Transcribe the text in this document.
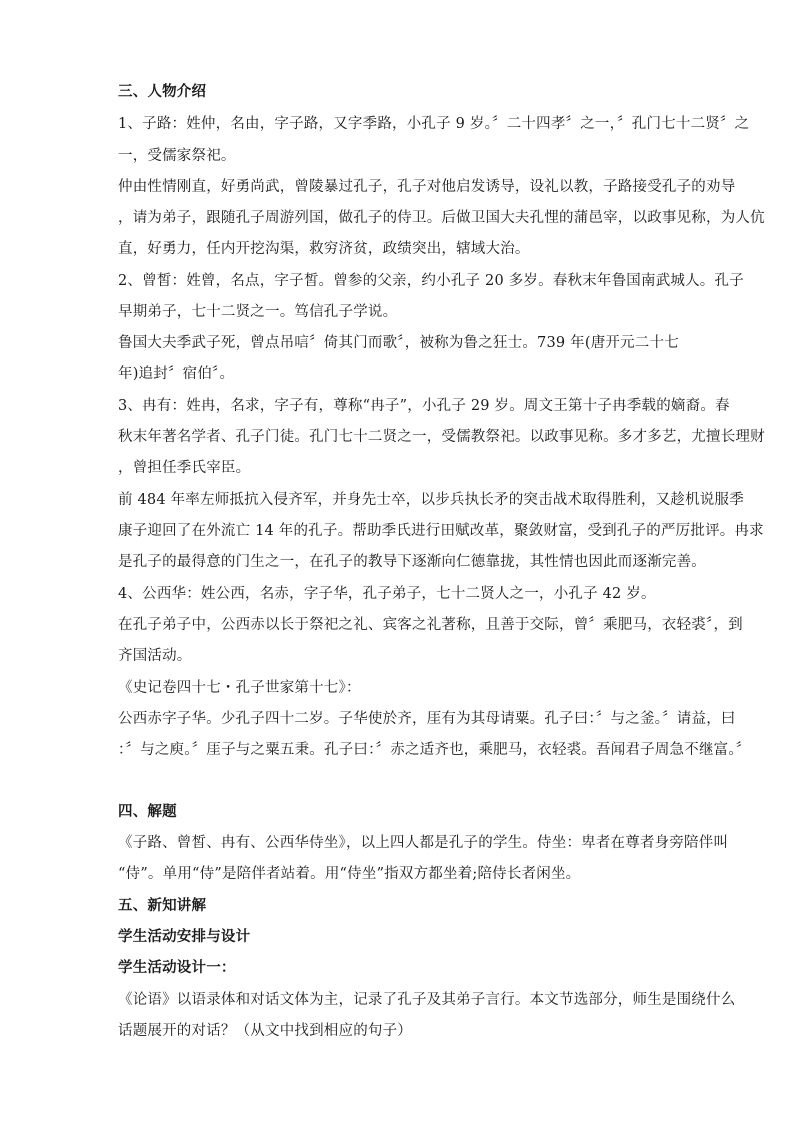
三、人物介绍
1、子路：姓仲，名由，字子路，又字季路，小孔子 9 岁。〞二十四孝〞之一，〞孔门七十二贤〞之
一，受儒家祭祀。
仲由性情刚直，好勇尚武，曾陵暴过孔子，孔子对他启发诱导，设礼以教，子路接受孔子的劝导
，请为弟子，跟随孔子周游列国，做孔子的侍卫。后做卫国大夫孔悝的蒲邑宰，以政事见称，为人伉
直，好勇力，任内开挖沟渠，救穷济贫，政绩突出，辖域大治。
2、曾皙：姓曾，名点，字子皙。曾参的父亲，约小孔子 20 多岁。春秋末年鲁国南武城人。孔子
早期弟子，七十二贤之一。笃信孔子学说。
鲁国大夫季武子死，曾点吊唁〞倚其门而歌〞，被称为鲁之狂士。739 年(唐开元二十七
年)追封〞宿伯〞。
3、冉有：姓冉，名求，字子有，尊称“冉子”，小孔子 29 岁。周文王第十子冉季载的嫡裔。春
秋末年著名学者、孔子门徒。孔门七十二贤之一，受儒教祭祀。以政事见称。多才多艺，尤擅长理财
，曾担任季氏宰臣。
前 484 年率左师抵抗入侵齐军，并身先士卒，以步兵执长矛的突击战术取得胜利，又趁机说服季
康子迎回了在外流亡 14 年的孔子。帮助季氏进行田赋改革，聚敛财富，受到孔子的严厉批评。冉求
是孔子的最得意的门生之一，在孔子的教导下逐渐向仁德靠拢，其性情也因此而逐渐完善。
4、公西华：姓公西，名赤，字子华，孔子弟子，七十二贤人之一，小孔子 42 岁。
在孔子弟子中，公西赤以长于祭祀之礼、宾客之礼著称，且善于交际，曾〞乘肥马，衣轻裘〞，到
齐国活动。
《史记卷四十七・孔子世家第十七》：
公西赤字子华。少孔子四十二岁。子华使於齐，厓有为其母请粟。孔子曰：〞与之釜。〞请益，曰
：〞与之庾。〞厓子与之粟五秉。孔子曰：〞赤之适齐也，乘肥马，衣轻裘。吾闻君子周急不继富。〞
四、解题
《子路、曾皙、冉有、公西华侍坐》，以上四人都是孔子的学生。侍坐：卑者在尊者身旁陪伴叫
“侍”。单用“侍”是陪伴者站着。用“侍坐”指双方都坐着;陪侍长者闲坐。
五、新知讲解
学生活动安排与设计
学生活动设计一：
《论语》以语录体和对话文体为主，记录了孔子及其弟子言行。本文节选部分，师生是围绕什么
话题展开的对话？（从文中找到相应的句子）
